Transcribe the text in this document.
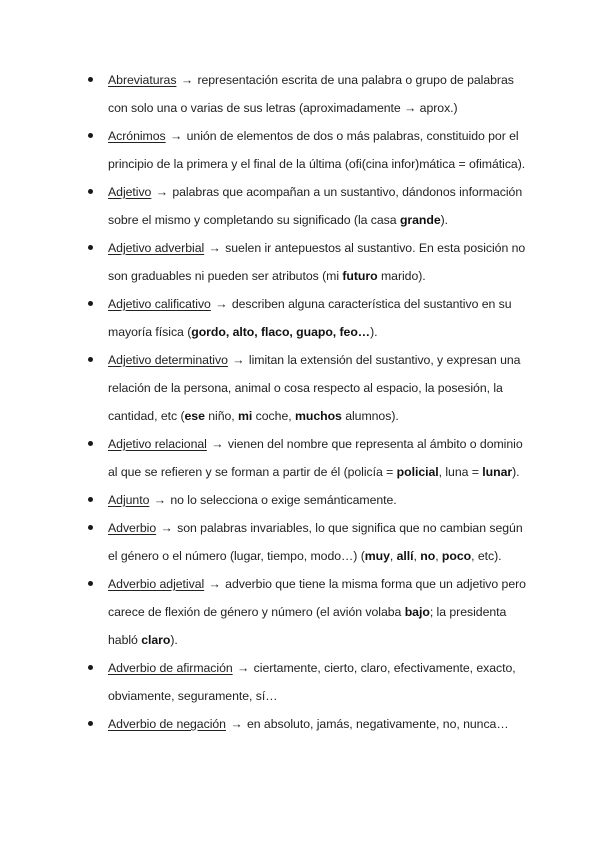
Abreviaturas → representación escrita de una palabra o grupo de palabras con solo una o varias de sus letras (aproximadamente → aprox.)
Acrónimos → unión de elementos de dos o más palabras, constituido por el principio de la primera y el final de la última (ofi(cina infor)mática = ofimática).
Adjetivo → palabras que acompañan a un sustantivo, dándonos información sobre el mismo y completando su significado (la casa grande).
Adjetivo adverbial → suelen ir antepuestos al sustantivo. En esta posición no son graduables ni pueden ser atributos (mi futuro marido).
Adjetivo calificativo → describen alguna característica del sustantivo en su mayoría física (gordo, alto, flaco, guapo, feo…).
Adjetivo determinativo → limitan la extensión del sustantivo, y expresan una relación de la persona, animal o cosa respecto al espacio, la posesión, la cantidad, etc (ese niño, mi coche, muchos alumnos).
Adjetivo relacional → vienen del nombre que representa al ámbito o dominio al que se refieren y se forman a partir de él (policía = policial, luna = lunar).
Adjunto → no lo selecciona o exige semánticamente.
Adverbio → son palabras invariables, lo que significa que no cambian según el género o el número (lugar, tiempo, modo…) (muy, allí, no, poco, etc).
Adverbio adjetival → adverbio que tiene la misma forma que un adjetivo pero carece de flexión de género y número (el avión volaba bajo; la presidenta habló claro).
Adverbio de afirmación → ciertamente, cierto, claro, efectivamente, exacto, obviamente, seguramente, sí…
Adverbio de negación → en absoluto, jamás, negativamente, no, nunca…
